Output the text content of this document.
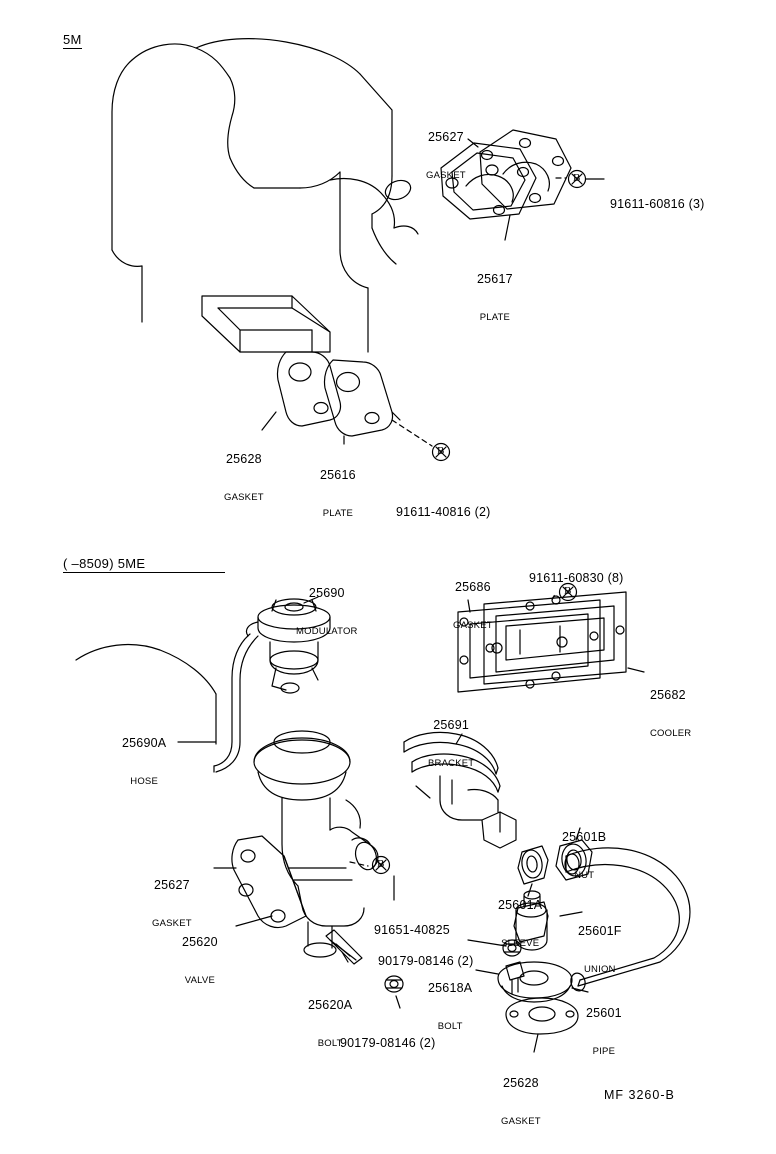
5M
( –8509) 5ME

25627

GASKET

25617

PLATE

91611-60816 (3)

25628

GASKET

25616

PLATE

	91611-40816 (2)

25690

MODULATOR

25686

GASKET

91611-60830 (8)

25682

COOLER

25690A

HOSE

25691

BRACKET

25627

GASKET

25620

VALVE

25620A

BOLT

91651-40825

90179-08146 (2)

90179-08146 (2)

25601B

NUT

25601A

SLEEVE

25601F

UNION

25618A

BOLT

25601

PIPE

25628

GASKET

B
B
B
B
MF 3260-B
